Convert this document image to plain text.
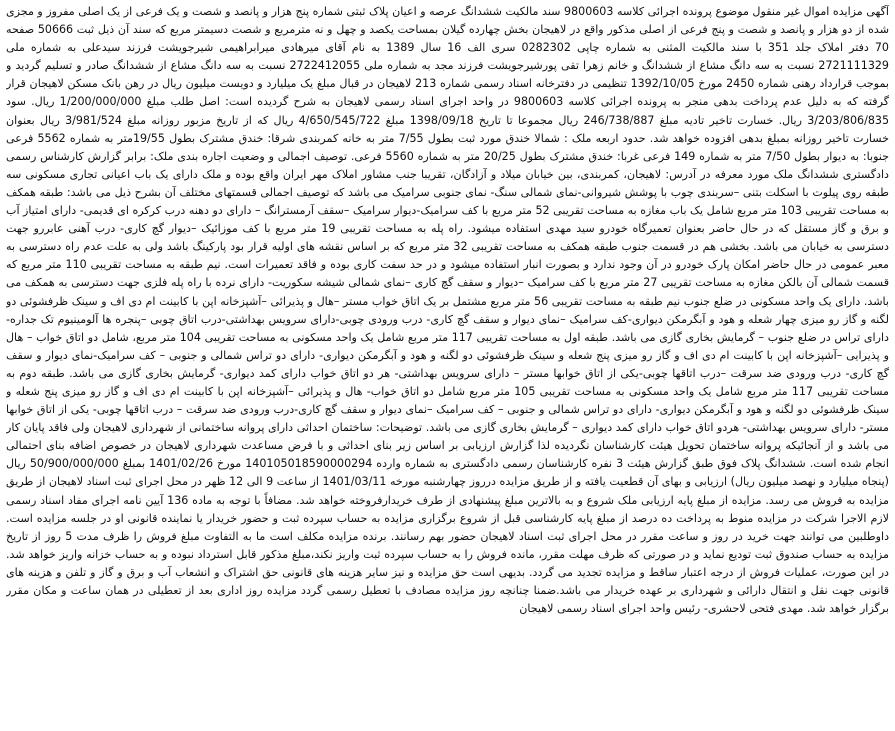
آگهی مزایده اموال غیر منقول موضوع پرونده اجرائی کلاسه 9800603 سند مالکیت ششدانگ عرصه و اعیان پلاک ثبتی شماره پنج هزار و پانصد و شصت و یک فرعی از یک اصلی مفروز و مجزی شده از دو هزار و پانصد و شصت و پنج فرعی از اصلی مذکور واقع در لاهیجان بخش چهارده گیلان بمساحت یکصد و چهل و نه مترمربع و شصت دسیمتر مربع که سند آن ذیل ثبت 50666 صفحه 70 دفتر املاک جلد 351 با سند مالکیت المثنی به شماره چاپی 0282302 سری الف 16 سال 1389 به نام آقای میرهادی میرابراهیمی شیرجویشت فرزند سیدعلی به شماره ملی 2721111329 نسبت به سه دانگ مشاع از ششدانگ و خانم زهرا تقی پورشیرجویشت فرزند مجد به شماره ملی 2722412055 نسبت به سه دانگ مشاع از ششدانگ صادر و تسلیم گردید و بموجب قرارداد رهنی شماره 2450 مورخ 1392/10/05 تنظیمی در دفترخانه اسناد رسمی شماره 213 لاهیجان در قبال مبلغ یک میلیارد و دویست میلیون ریال در رهن بانک مسکن لاهیجان قرار گرفته که به دلیل عدم پرداخت بدهی منجر به پرونده اجرائی کلاسه 9800603 در واحد اجرای اسناد رسمی لاهیجان به شرح گردیده است: اصل طلب مبلغ 1/200/000/000 ریال. سود 3/203/806/835 ریال. خسارت تاخیر تادیه مبلغ 246/738/887 ریال مجموعا تا تاریخ 1398/09/18 مبلغ 4/650/545/722 ریال که از تاریخ مزبور روزانه مبلغ 3/981/524 ریال بعنوان خسارت تاخیر روزانه بمبلغ بدهی افزوده خواهد شد. حدود اربعه ملک : شمالا خندق مورد ثبت بطول 7/55 متر به خانه کمربندی شرقا: خندق مشترک بطول 19/55متر به شماره 5562 فرعی جنوبا: به دیوار بطول 7/50 متر به شماره 149 فرعی غربا: خندق مشترک بطول 20/25 متر به شماره 5560 فرعی. توصیف اجمالی و وضعیت اجاره بندی ملک: برابر گزارش کارشناس رسمی دادگستری ششدانگ ملک مورد معرفه در آدرس: لاهیجان، کمربندی، بین خیابان میلاد و آزادگان، تقریبا جنب مشاور املاک مهر ایران واقع بوده و ملک دارای یک باب اعیانی تجاری مسکونی سه طبقه روی پیلوت با اسکلت بتنی –سربندی چوب با پوشش شیروانی-نمای شمالی سنگ- نمای جنوبی سرامیک می باشد که توصیف اجمالی قسمتهای مختلف آن بشرح ذیل می باشد: طبقه همکف به مساحت تقریبی 103 متر مربع شامل یک باب مغازه به مساحت تقریبی 52 متر مربع با کف سرامیک-دیوار سرامیک –سقف آرمسترانگ – دارای دو دهنه درب کرکره ای قدیمی- دارای امتیاز آب و برق و گاز مستقل که در حال حاضر بعنوان تعمیرگاه خودرو سید مهدی استفاده میشود. راه پله به مساحت تقریبی 19 متر مربع با کف موزائیک –دیوار گچ کاری- درب آهنی عابررو جهت دسترسی به خیابان می باشد. بخشی هم در قسمت جنوب طبقه همکف به مساحت تقریبی 32 متر مربع که بر اساس نقشه های اولیه قرار بود پارکینگ باشد ولی به علت عدم راه دسترسی به معبر عمومی در حال حاضر امکان پارک خودرو در آن وجود ندارد و بصورت انبار استفاده میشود و در حد سفت کاری بوده و فاقد تعمیرات است. نیم طبقه به مساحت تقریبی 110 متر مربع که قسمت شمالی آن بالکن مغازه به مساحت تقریبی 27 متر مربع با کف سرامیک –دیوار و سقف گچ کاری –نمای شمالی شیشه سکوریت- دارای نرده با راه پله فلزی جهت دسترسی به همکف می باشد. دارای یک واحد مسکونی در ضلع جنوب نیم طبقه به مساحت تقریبی 56 متر مربع مشتمل بر یک اتاق خواب مستر –هال و پذیرائی –آشپزخانه اپن با کابینت ام دی اف و سینک ظرفشوئی دو لگنه و گاز رو میزی چهار شعله و هود و آبگرمکن دیواری-کف سرامیک –نمای دیوار و سقف گچ کاری- درب ورودی چوبی-دارای سرویس بهداشتی-درب اتاق چوبی –پنجره ها آلومینیوم تک جداره-دارای تراس در ضلع جنوب – گرمایش بخاری گازی می باشد. طبقه اول به مساحت تقریبی 117 متر مربع شامل یک واحد مسکونی به مساحت تقریبی 104 متر مربع، شامل دو اتاق خواب – هال و پذیرایی –آشپزخانه اپن با کابینت ام دی اف و گاز رو میزی پنج شعله و سینک ظرفشوئی دو لگنه و هود و آبگرمکن دیواری- دارای دو تراس شمالی و جنوبی – کف سرامیک-نمای دیوار و سقف گچ کاری- درب ورودی ضد سرقت –درب اتاقها چوبی-یکی از اتاق خوابها مستر – دارای سرویس بهداشتی- هر دو اتاق خواب دارای کمد دیواری- گرمایش بخاری گازی می باشد. طبقه دوم به مساحت تقریبی 117 متر مربع شامل یک واحد مسکونی به مساحت تقریبی 105 متر مربع شامل دو اتاق خواب- هال و پذیرائی –آشپزخانه اپن با کابینت ام دی اف و گاز رو میزی پنج شعله و سینک ظرفشوئی دو لگنه و هود و آبگرمکن دیواری- دارای دو تراس شمالی و جنوبی – کف سرامیک –نمای دیوار و سقف گچ کاری-درب ورودی ضد سرقت – درب اتاقها چوبی- یکی از اتاق خوابها مستر- دارای سرویس بهداشتی- هردو اتاق خواب دارای کمد دیواری – گرمایش بخاری گازی می باشد. توضیحات: ساختمان احداثی دارای پروانه ساختمانی از شهرداری لاهیجان ولی فاقد پایان کار می باشد و از آنجائیکه پروانه ساختمان تحویل هیئت کارشناسان نگردیده لذا گزارش ارزیابی بر اساس زیر بنای احداثی و با فرض مساعدت شهرداری لاهیجان در خصوص اضافه بنای احتمالی انجام شده است. ششدانگ پلاک فوق طبق گزارش هیئت 3 نفره کارشناسان رسمی دادگستری به شماره وارده 140105018590000294 مورخ 1401/02/26 بمبلغ 50/900/000/000 ریال (پنجاه میلیارد و نهصد میلیون ریال) ارزیابی و بهای آن قطعیت یافته و از طریق مزایده درروز چهارشنبه مورخه 1401/03/11 از ساعت 9 الی 12 ظهر در محل اجرای ثبت اسناد لاهیجان از طریق مزایده به فروش می رسد. مزایده از مبلغ پایه ارزیابی ملک شروع و به بالاترین مبلغ پیشنهادی از طرف خریدارفروخته خواهد شد. مضافاً با توجه به ماده 136 آیین نامه اجرای مفاد اسناد رسمی لازم الاجرا شرکت در مزایده منوط به پرداخت ده درصد از مبلغ پایه کارشناسی قبل از شروع برگزاری مزایده به حساب سپرده ثبت و حضور خریدار یا نماینده قانونی او در جلسه مزایده است. داوطلبین می توانند جهت خرید در روز و ساعت مقرر در محل اجرای ثبت اسناد لاهیجان حضور بهم رسانند. برنده مزایده مکلف است ما به التفاوت مبلغ فروش را ظرف مدت 5 روز از تاریخ مزایده به حساب صندوق ثبت تودیع نماید و در صورتی که ظرف مهلت مقرر، مانده فروش را به حساب سپرده ثبت واریز نکند،مبلغ مذکور قابل استرداد نبوده و به حساب خزانه واریز خواهد شد. در این صورت، عملیات فروش از درجه اعتبار ساقط و مزایده تجدید می گردد. بدیهی است حق مزایده و نیز سایر هزینه های قانونی حق اشتراک و انشعاب آب و برق و گاز و تلفن و هزینه های قانونی جهت نقل و انتقال دارائی و شهرداری بر عهده خریدار می باشد.ضمنا چنانچه روز مزایده مصادف با تعطیل رسمی گردد مزایده روز اداری بعد از تعطیلی در همان ساعت و مکان مقرر برگزار خواهد شد. مهدی فتحی لاحشری- رئیس واحد اجرای اسناد رسمی لاهیجان
